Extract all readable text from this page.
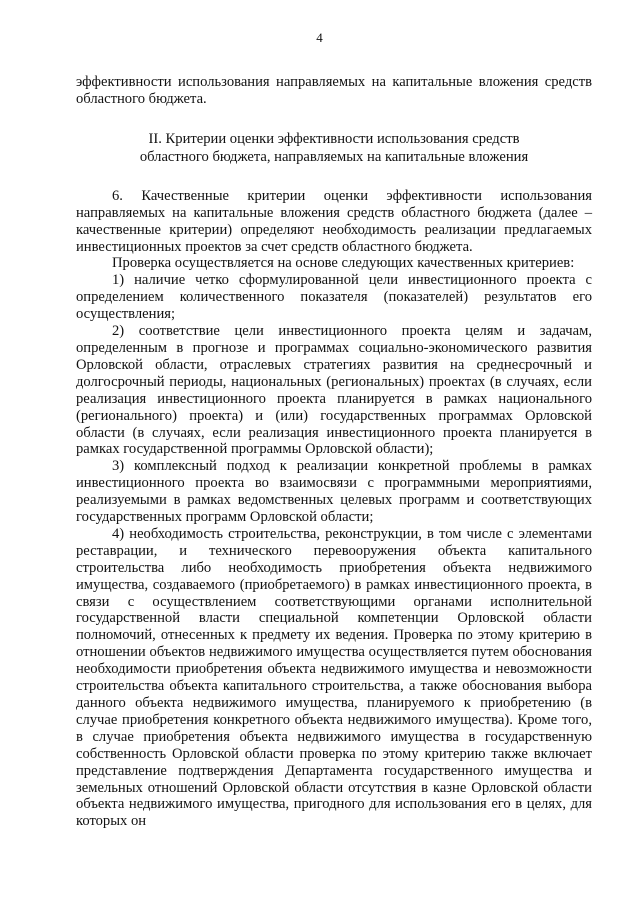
4

эффективности использования направляемых на капитальные вложения средств областного бюджета.

II. Критерии оценки эффективности использования средств
областного бюджета, направляемых на капитальные вложения

6. Качественные критерии оценки эффективности использования направляемых на капитальные вложения средств областного бюджета (далее – качественные критерии) определяют необходимость реализации предлагаемых инвестиционных проектов за счет средств областного бюджета.

Проверка осуществляется на основе следующих качественных критериев:

1) наличие четко сформулированной цели инвестиционного проекта с определением количественного показателя (показателей) результатов его осуществления;

2) соответствие цели инвестиционного проекта целям и задачам, определенным в прогнозе и программах социально-экономического развития Орловской области, отраслевых стратегиях развития на среднесрочный и долгосрочный периоды, национальных (региональных) проектах (в случаях, если реализация инвестиционного проекта планируется в рамках национального (регионального) проекта) и (или) государственных программах Орловской области (в случаях, если реализация инвестиционного проекта планируется в рамках государственной программы Орловской области);

3) комплексный подход к реализации конкретной проблемы в рамках инвестиционного проекта во взаимосвязи с программными мероприятиями, реализуемыми в рамках ведомственных целевых программ и соответствующих государственных программ Орловской области;

4) необходимость строительства, реконструкции, в том числе с элементами реставрации, и технического перевооружения объекта капитального строительства либо необходимость приобретения объекта недвижимого имущества, создаваемого (приобретаемого) в рамках инвестиционного проекта, в связи с осуществлением соответствующими органами исполнительной государственной власти специальной компетенции Орловской области полномочий, отнесенных к предмету их ведения. Проверка по этому критерию в отношении объектов недвижимого имущества осуществляется путем обоснования необходимости приобретения объекта недвижимого имущества и невозможности строительства объекта капитального строительства, а также обоснования выбора данного объекта недвижимого имущества, планируемого к приобретению (в случае приобретения конкретного объекта недвижимого имущества). Кроме того, в случае приобретения объекта недвижимого имущества в государственную собственность Орловской области проверка по этому критерию также включает представление подтверждения Департамента государственного имущества и земельных отношений Орловской области отсутствия в казне Орловской области объекта недвижимого имущества, пригодного для использования его в целях, для которых он
